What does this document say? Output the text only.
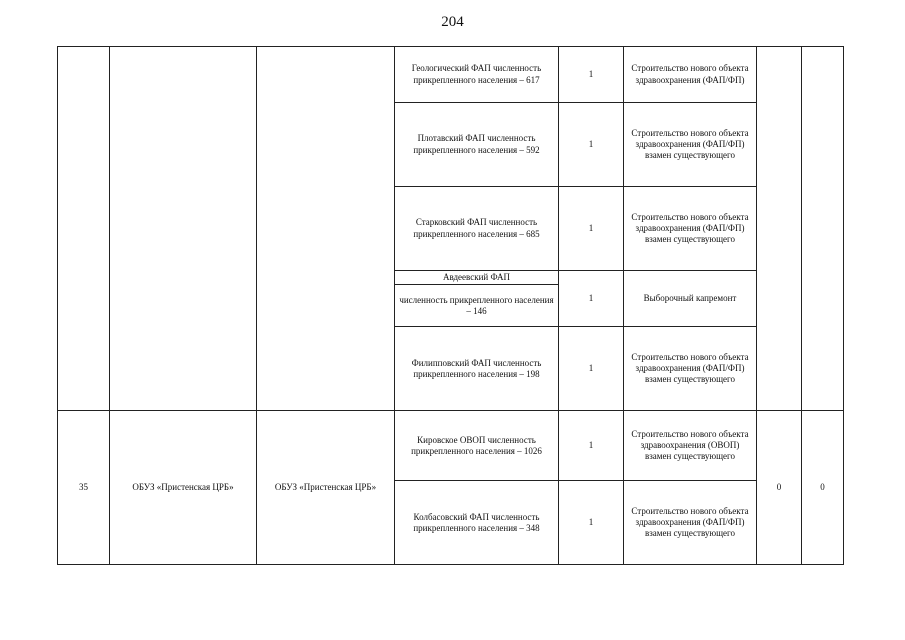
204
			Геологический ФАП численность прикрепленного населения – 617	1	Строительство нового объекта здравоохранения (ФАП/ФП)		
			Плотавский ФАП численность прикрепленного населения – 592	1	Строительство нового объекта здравоохранения (ФАП/ФП) взамен существующего		
			Старковский ФАП численность прикрепленного населения – 685	1	Строительство нового объекта здравоохранения (ФАП/ФП) взамен существующего		
			Авдеевский ФАП	1	Выборочный капремонт		
			численность прикрепленного населения – 146				
			Филипповский ФАП численность прикрепленного населения – 198	1	Строительство нового объекта здравоохранения (ФАП/ФП) взамен существующего		
35	ОБУЗ «Пристенская ЦРБ»	ОБУЗ «Пристенская ЦРБ»	Кировское ОВОП численность прикрепленного населения – 1026	1	Строительство нового объекта здравоохранения (ОВОП) взамен существующего	0	0
			Колбасовский ФАП численность прикрепленного населения – 348	1	Строительство нового объекта здравоохранения (ФАП/ФП) взамен существующего		
